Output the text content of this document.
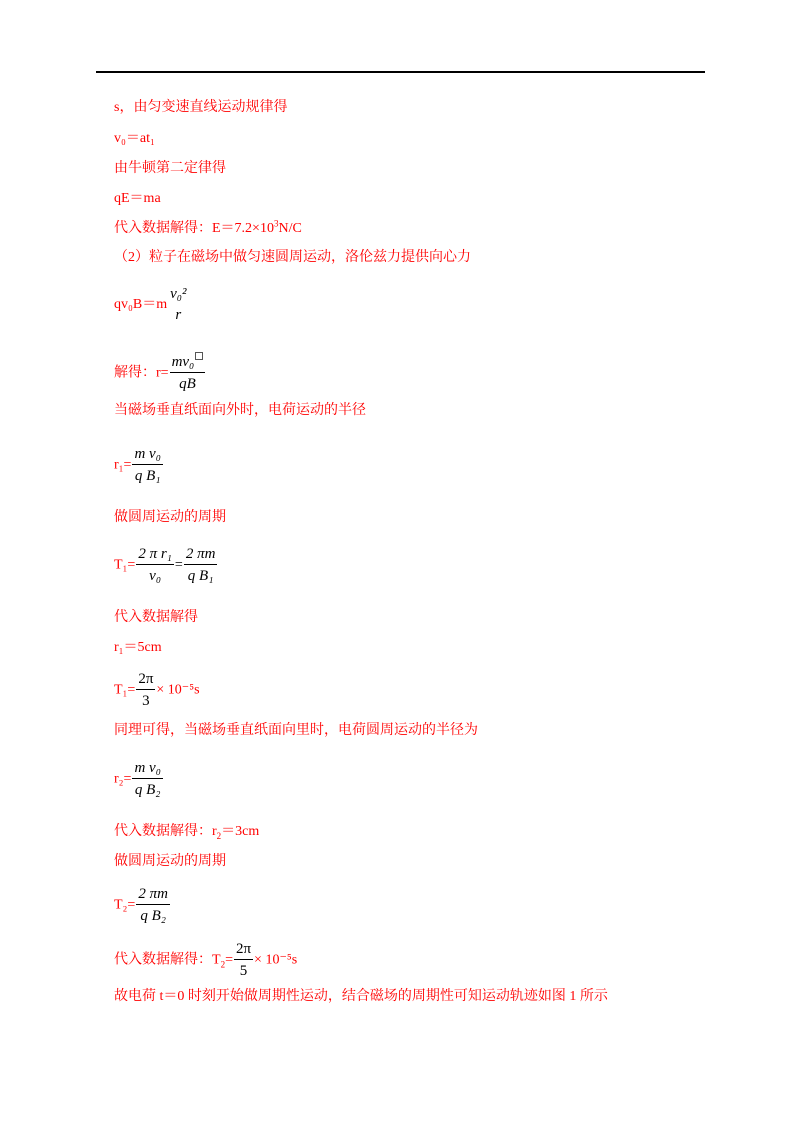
s，由匀变速直线运动规律得
v₀＝at₁
由牛顿第二定律得
qE＝ma
代入数据解得：$E=7.2\times 10^3N/C$
（2）粒子在磁场中做匀速圆周运动，洛伦兹力提供向心力
qv₀B＝m
v₀²
r
解得：$r= \frac{\text{mv₀}}{qB}$
当磁场垂直纸面向外时，电荷运动的半径
$r_1= \frac{\text{m v₀}}{\text{q B₁}}$
做圆周运动的周期
$T_1= \frac{\text{2 π r₁}}{\text{v₀}} = \frac{2 \pi m}{\text{q B₁}}$
代入数据解得
r₁＝5cm
$T_1= \frac{2\pi}{3} \times 10^{-5}s$
同理可得，当磁场垂直纸面向里时，电荷圆周运动的半径为
$r_2= \frac{\text{m v₀}}{\text{q B₂}}$
代入数据解得：$r_2=3cm$
做圆周运动的周期
$T_2= \frac{2 \pi m}{\text{q B₂}}$
代入数据解得：$T_2= \frac{2\pi}{5} \times 10^{-5}s$
故电荷 t＝0 时刻开始做周期性运动，结合磁场的周期性可知运动轨迹如图 1 所示
